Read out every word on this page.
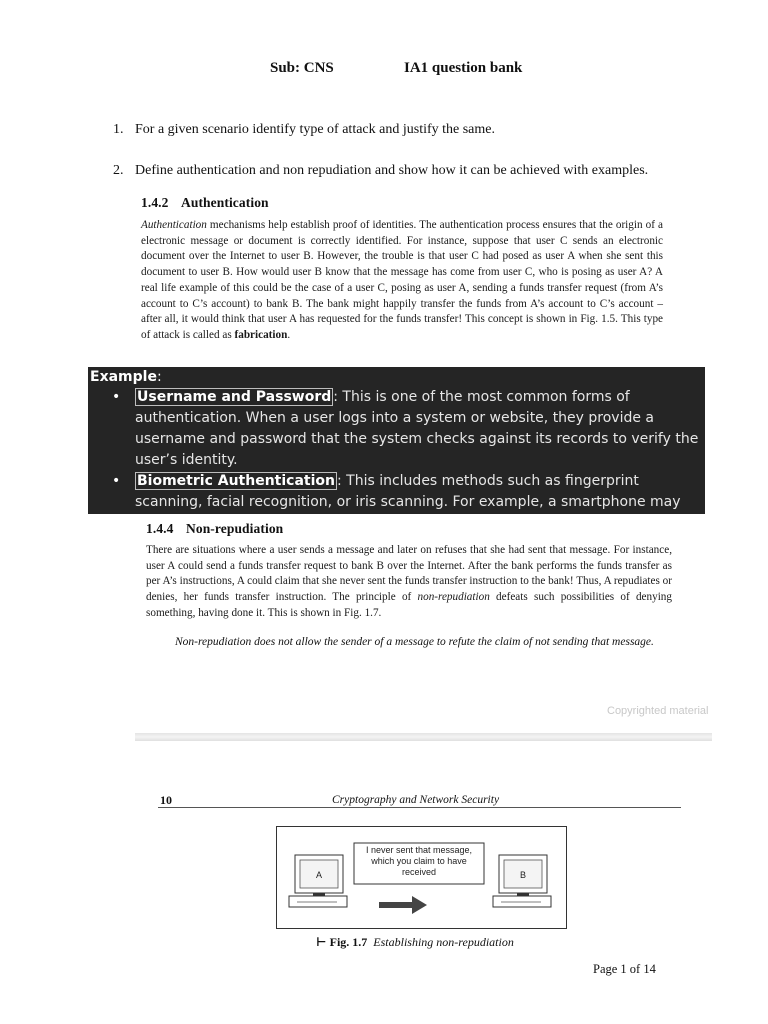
Sub: CNS	IA1 question bank
1. For a given scenario identify type of attack and justify the same.
2. Define authentication and non repudiation and show how it can be achieved with examples.
1.4.2 Authentication

Authentication mechanisms help establish proof of identities. The authentication process ensures that the origin of a electronic message or document is correctly identified. For instance, suppose that user C sends an electronic document over the Internet to user B. However, the trouble is that user C had posed as user A when she sent this document to user B. How would user B know that the message has come from user C, who is posing as user A? A real life example of this could be the case of a user C, posing as user A, sending a funds transfer request (from A’s account to C’s account) to bank B. The bank might happily transfer the funds from A’s account to C’s account – after all, it would think that user A has requested for the funds transfer! This concept is shown in Fig. 1.5. This type of attack is called as fabrication.

Example:
• Username and Password : This is one of the most common forms of authentication. When a user logs into a system or website, they provide a username and password that the system checks against its records to verify the user’s identity.
• Biometric Authentication : This includes methods such as fingerprint scanning, facial recognition, or iris scanning. For example, a smartphone may
1.4.4 Non-repudiation

There are situations where a user sends a message and later on refuses that she had sent that message. For instance, user A could send a funds transfer request to bank B over the Internet. After the bank performs the funds transfer as per A’s instructions, A could claim that she never sent the funds transfer instruction to the bank! Thus, A repudiates or denies, her funds transfer instruction. The principle of non-repudiation defeats such possibilities of denying something, having done it. This is shown in Fig. 1.7.

Non-repudiation does not allow the sender of a message to refute the claim of not sending that message.
Copyrighted material
10	Cryptography and Network Security
A	B
I never sent that message, which you claim to have received
⊢ Fig. 1.7 Establishing non-repudiation
Page 1 of 14
